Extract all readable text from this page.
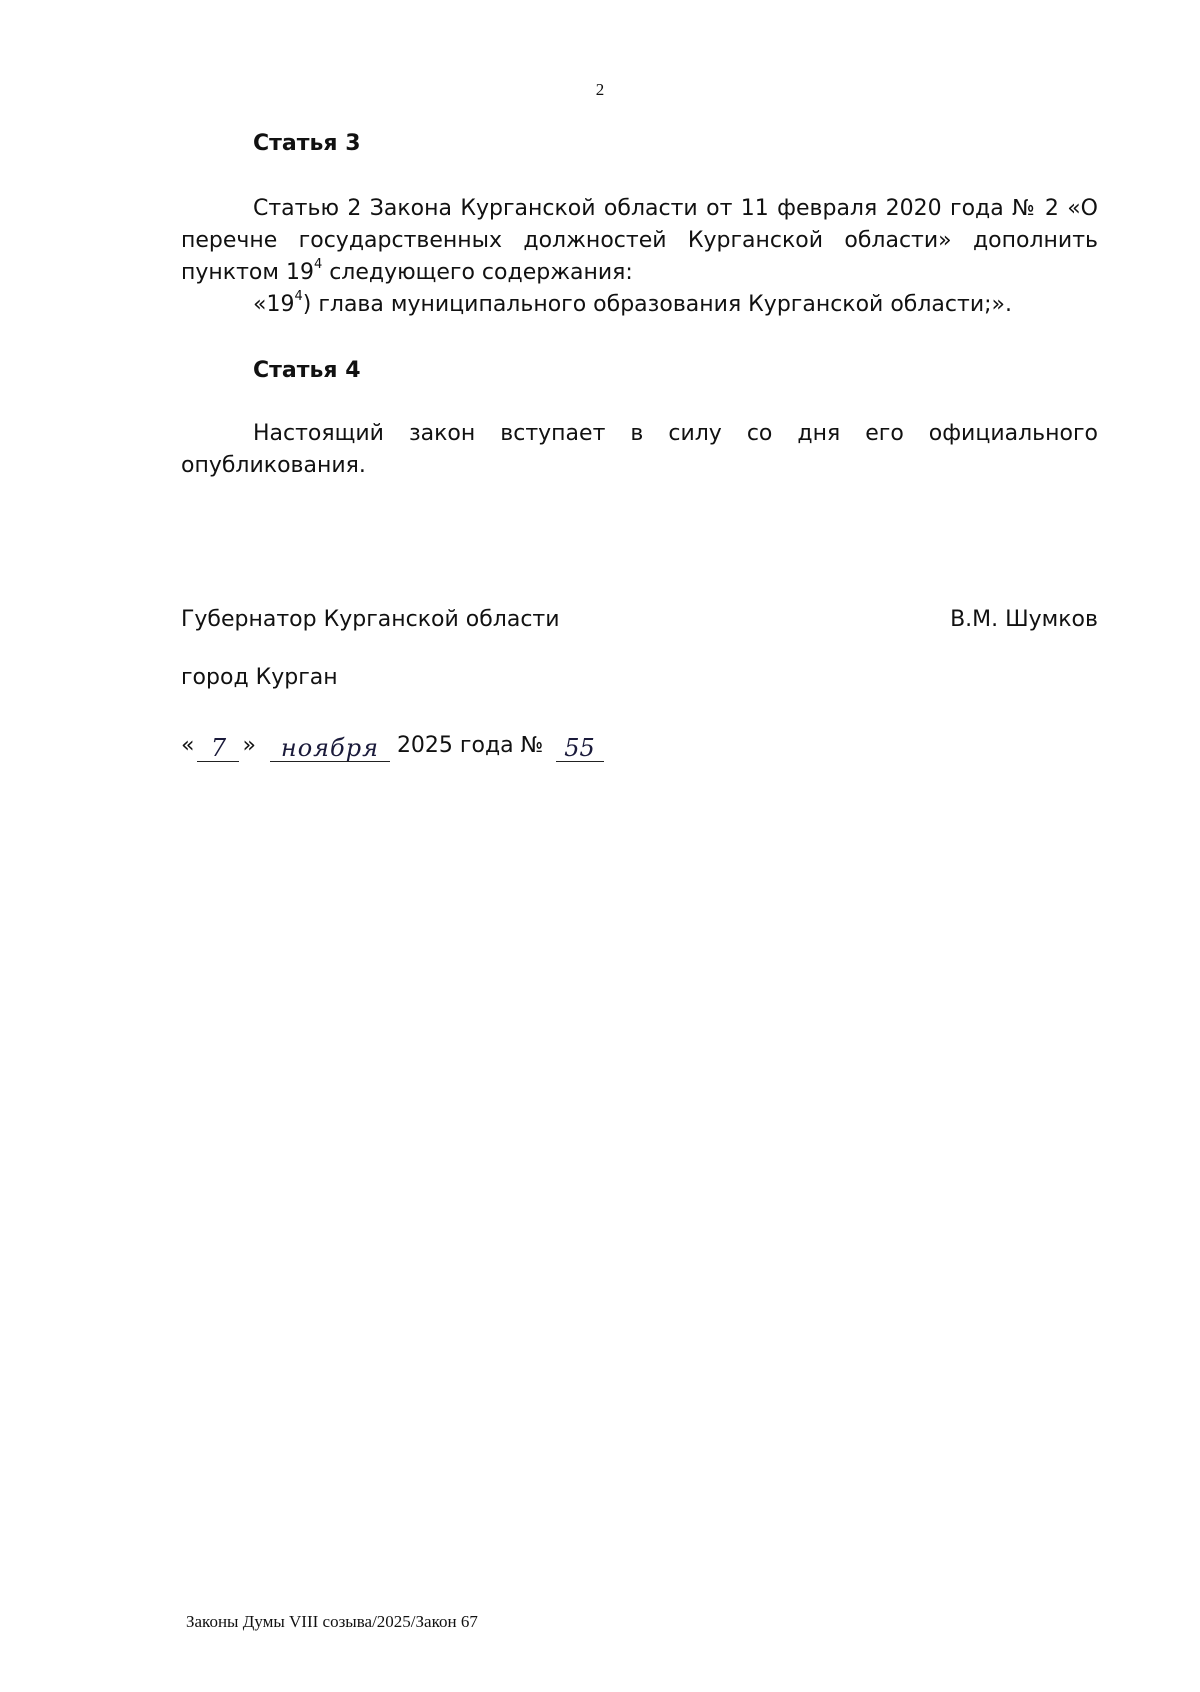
2
Статья 3

Статью 2 Закона Курганской области от 11 февраля 2020 года № 2 «О перечне государственных должностей Курганской области» дополнить пунктом $19^4$ следующего содержания:

«$19^4$) глава муниципального образования Курганской области;».

Статья 4

Настоящий закон вступает в силу со дня его официального опубликования.

Губернатор Курганской области	В.М. Шумков
город Курган
« 7 »	ноября 2025 года № 55
Законы Думы VIII созыва/2025/Закон 67
